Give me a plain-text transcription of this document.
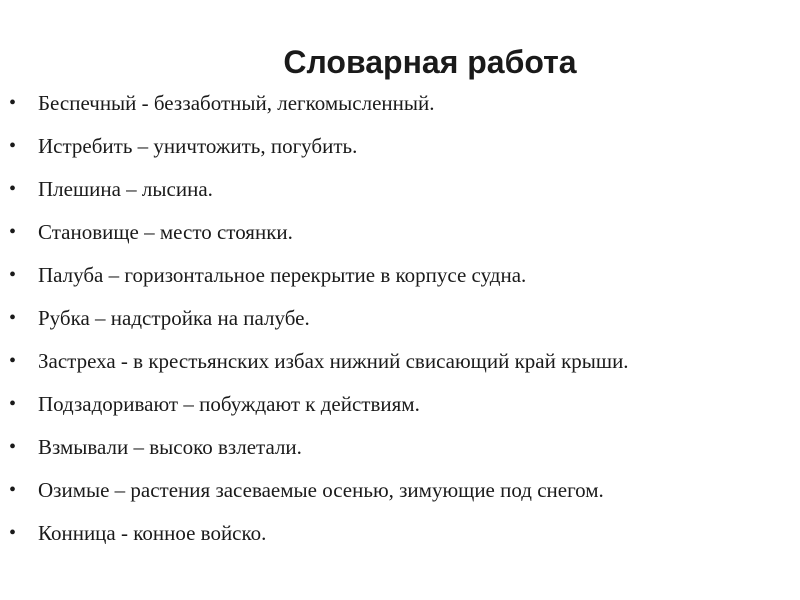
Словарная работа
• Беспечный - беззаботный, легкомысленный.
• Истребить – уничтожить, погубить.
• Плешина – лысина.
• Становище – место стоянки.
• Палуба – горизонтальное перекрытие в корпусе судна.
• Рубка – надстройка на палубе.
• Застреха - в крестьянских избах нижний свисающий край крыши.
• Подзадоривают – побуждают к действиям.
• Взмывали – высоко взлетали.
• Озимые – растения засеваемые осенью, зимующие под снегом.
• Конница - конное войско.
